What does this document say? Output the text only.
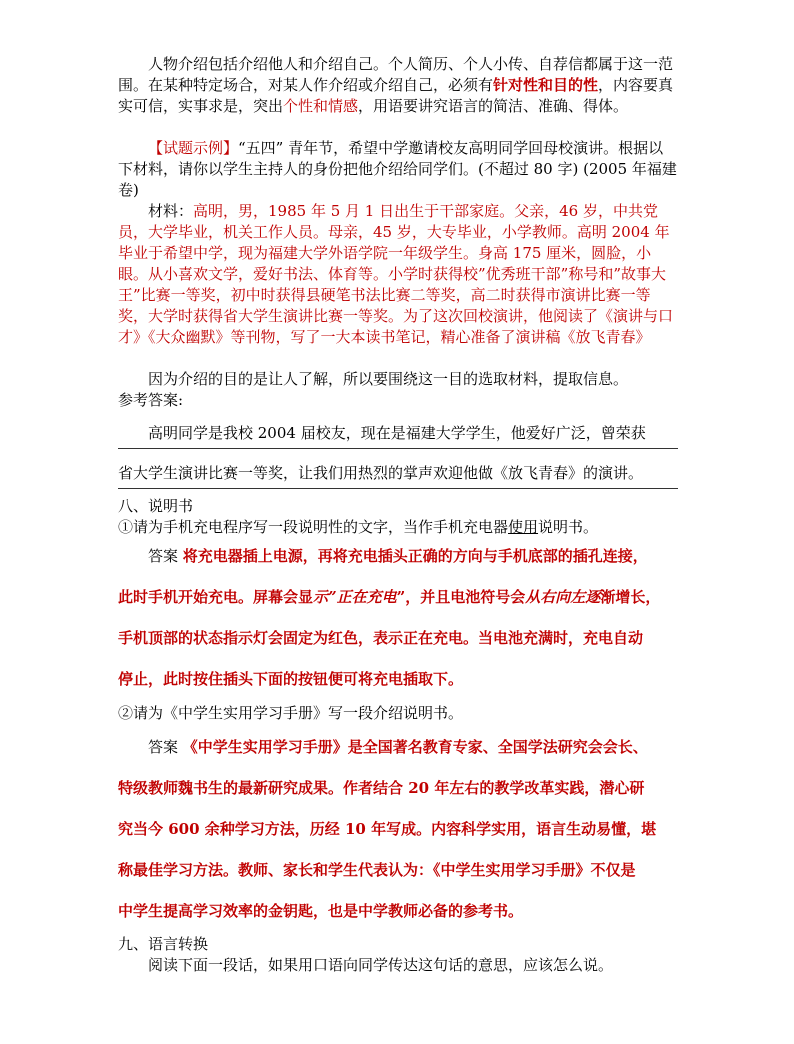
人物介绍包括介绍他人和介绍自己。个人简历、个人小传、自荐信都属于这一范围。在某种特定场合，对某人作介绍或介绍自己，必须有针对性和目的性，内容要真实可信，实事求是，突出个性和情感，用语要讲究语言的简洁、准确、得体。

【试题示例】“五四” 青年节，希望中学邀请校友高明同学回母校演讲。根据以下材料，请你以学生主持人的身份把他介绍给同学们。(不超过 80 字) (2005 年福建卷)

材料：高明，男，1985 年 5 月 1 日出生于干部家庭。父亲，46 岁，中共党员，大学毕业，机关工作人员。母亲，45 岁，大专毕业，小学教师。高明 2004 年毕业于希望中学，现为福建大学外语学院一年级学生。身高 175 厘米，圆脸，小眼。从小喜欢文学，爱好书法、体育等。小学时获得校”优秀班干部”称号和”故事大王”比赛一等奖，初中时获得县硬笔书法比赛二等奖，高二时获得市演讲比赛一等奖，大学时获得省大学生演讲比赛一等奖。为了这次回校演讲，他阅读了《演讲与口才》《大众幽默》等刊物，写了一大本读书笔记，精心准备了演讲稿《放飞青春》

因为介绍的目的是让人了解，所以要围绕这一目的选取材料，提取信息。

参考答案:

高明同学是我校 2004 届校友，现在是福建大学学生，他爱好广泛，曾荣获

省大学生演讲比赛一等奖，让我们用热烈的掌声欢迎他做《放飞青春》的演讲。

八、说明书

①请为手机充电程序写一段说明性的文字，当作手机充电器使用说明书。

答案 将充电器插上电源，再将充电插头正确的方向与手机底部的插孔连接，

此时手机开始充电。屏幕会显示”正在充电”，并且电池符号会从右向左逐渐增长，

手机顶部的状态指示灯会固定为红色，表示正在充电。当电池充满时，充电自动

停止，此时按住插头下面的按钮便可将充电插取下。

②请为《中学生实用学习手册》写一段介绍说明书。

答案 《中学生实用学习手册》是全国著名教育专家、全国学法研究会会长、

特级教师魏书生的最新研究成果。作者结合 20 年左右的教学改革实践，潜心研

究当今 600 余种学习方法，历经 10 年写成。内容科学实用，语言生动易懂，堪

称最佳学习方法。教师、家长和学生代表认为：《中学生实用学习手册》不仅是

中学生提高学习效率的金钥匙，也是中学教师必备的参考书。

九、语言转换

阅读下面一段话，如果用口语向同学传达这句话的意思，应该怎么说。
